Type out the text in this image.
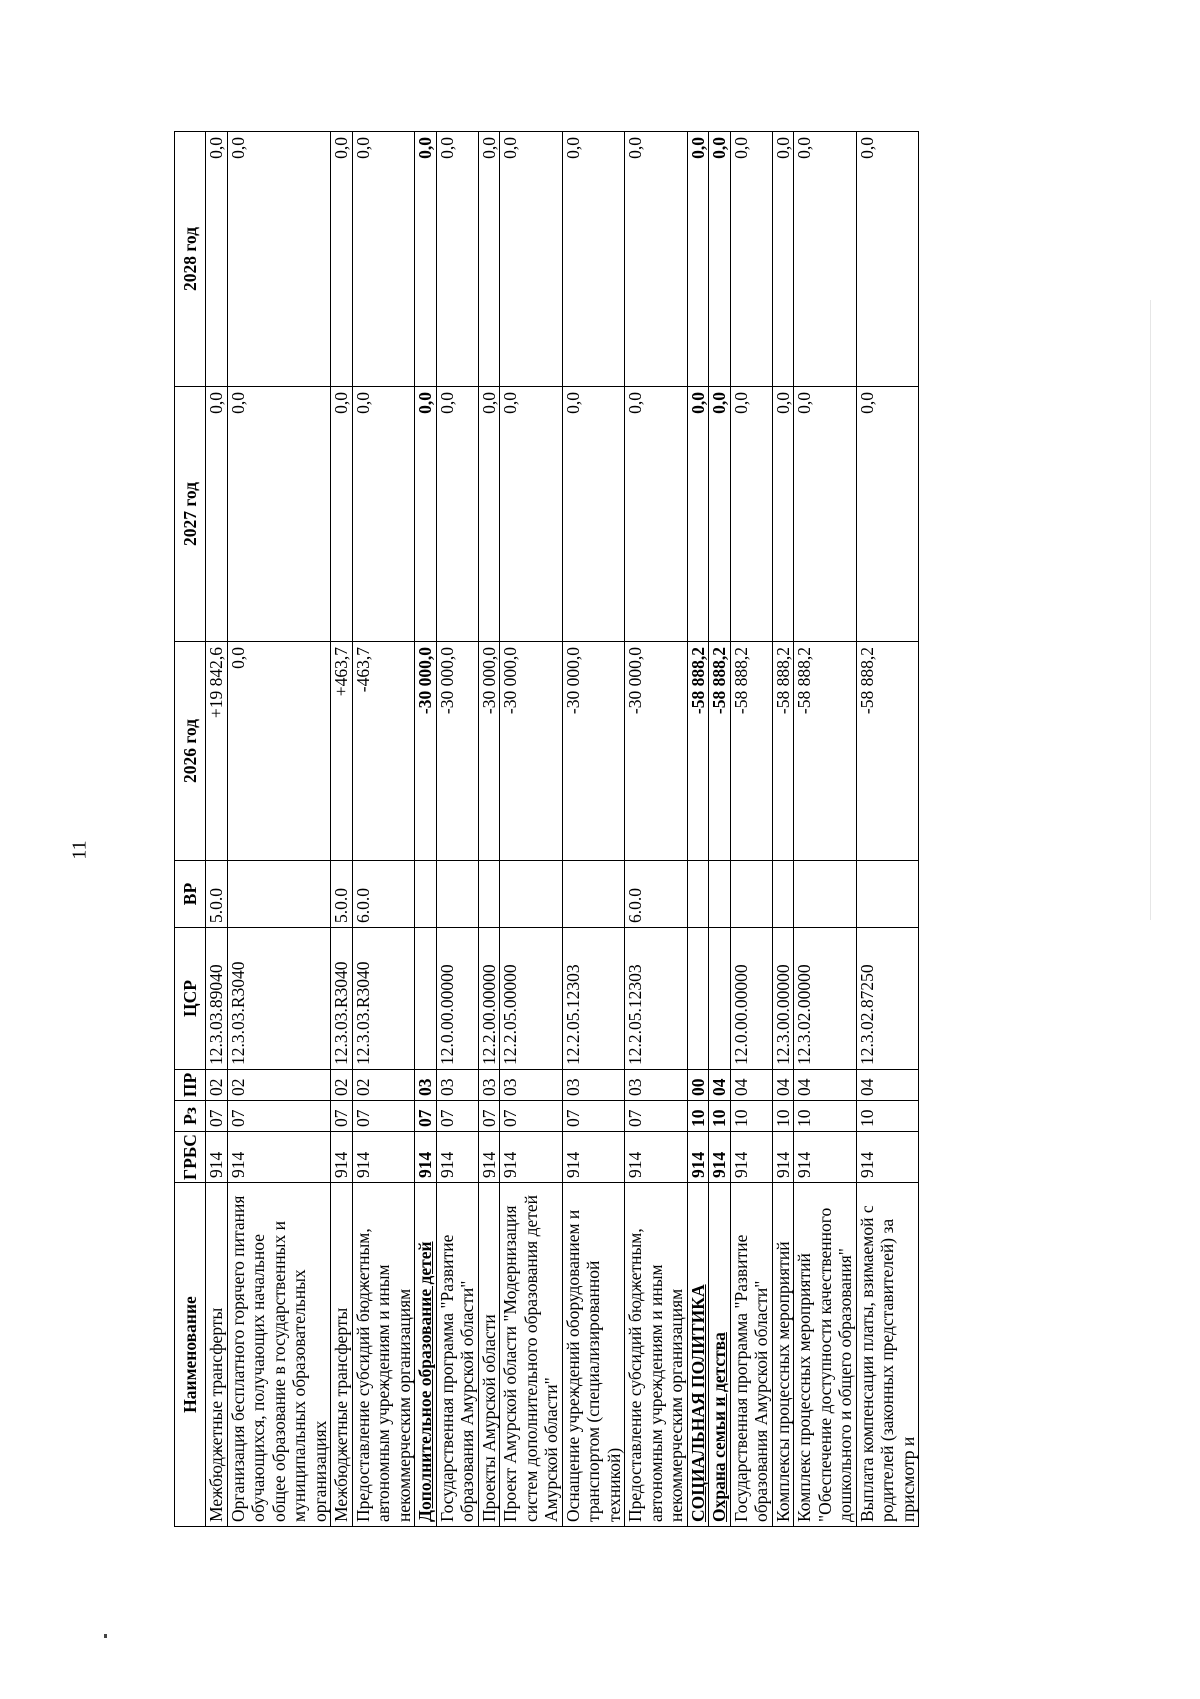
11
Наименование	ГРБС	Рз	ПР	ЦСР	ВР	2026 год	2027 год	2028 год
Межбюджетные трансферты	914	07	02	12.3.03.89040	5.0.0	+19 842,6	0,0	0,0
Организация бесплатного горячего питания обучающихся, получающих начальное общее образование в государственных и муниципальных образовательных организациях	914	07	02	12.3.03.R3040		0,0	0,0	0,0
Межбюджетные трансферты	914	07	02	12.3.03.R3040	5.0.0	+463,7	0,0	0,0
Предоставление субсидий бюджетным, автономным учреждениям и иным некоммерческим организациям	914	07	02	12.3.03.R3040	6.0.0	-463,7	0,0	0,0
Дополнительное образование детей	914	07	03			-30 000,0	0,0	0,0
Государственная программа "Развитие образования Амурской области"	914	07	03	12.0.00.00000		-30 000,0	0,0	0,0
Проекты Амурской области	914	07	03	12.2.00.00000		-30 000,0	0,0	0,0
Проект Амурской области "Модернизация систем дополнительного образования детей Амурской области"	914	07	03	12.2.05.00000		-30 000,0	0,0	0,0
Оснащение учреждений оборудованием и транспортом (специализированной техникой)	914	07	03	12.2.05.12303		-30 000,0	0,0	0,0
Предоставление субсидий бюджетным, автономным учреждениям и иным некоммерческим организациям	914	07	03	12.2.05.12303	6.0.0	-30 000,0	0,0	0,0
СОЦИАЛЬНАЯ ПОЛИТИКА	914	10	00			-58 888,2	0,0	0,0
Охрана семьи и детства	914	10	04			-58 888,2	0,0	0,0
Государственная программа "Развитие образования Амурской области"	914	10	04	12.0.00.00000		-58 888,2	0,0	0,0
Комплексы процессных мероприятий	914	10	04	12.3.00.00000		-58 888,2	0,0	0,0
Комплекс процессных мероприятий "Обеспечение доступности качественного дошкольного и общего образования"	914	10	04	12.3.02.00000		-58 888,2	0,0	0,0
Выплата компенсации платы, взимаемой с родителей (законных представителей) за присмотр и	914	10	04	12.3.02.87250		-58 888,2	0,0	0,0
